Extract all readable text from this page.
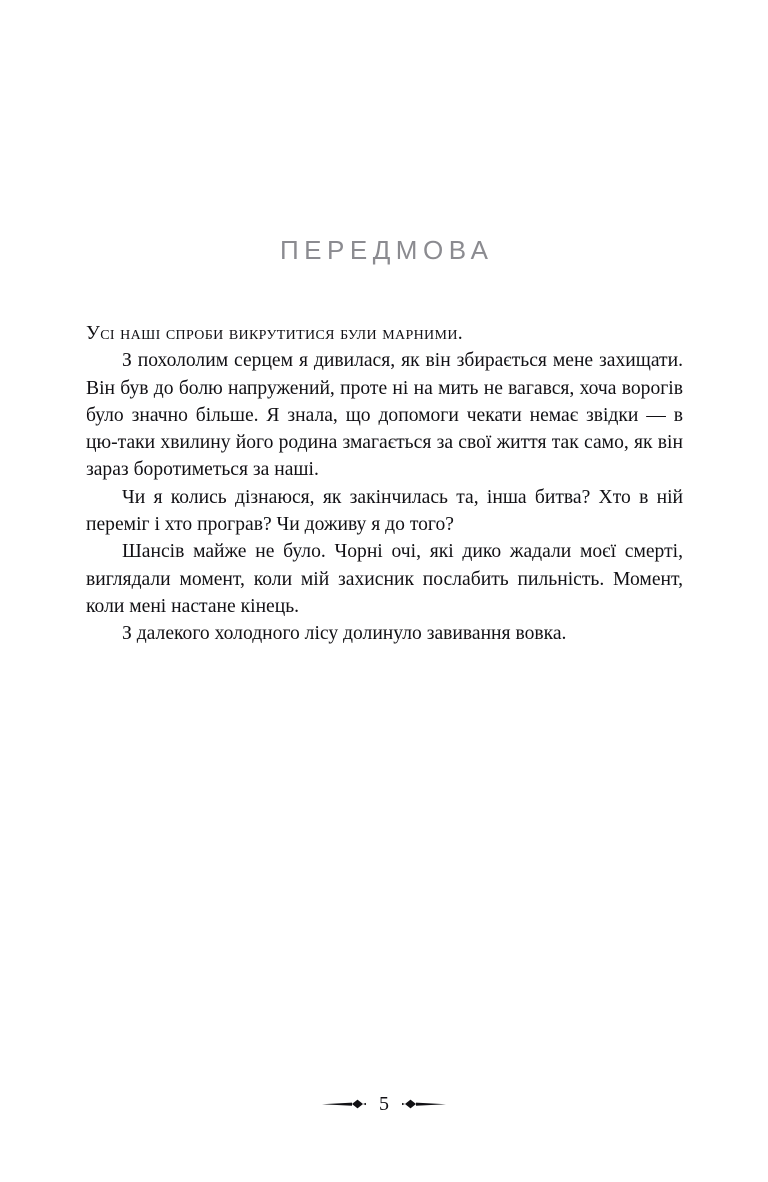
ПЕРЕДМОВА

Усі наші спроби викрутитися були марними.

З похололим серцем я дивилася, як він збирається мене захищати. Він був до болю напружений, проте ні на мить не вагався, хоча ворогів було значно більше. Я знала, що допомоги чекати немає звідки — в цю-таки хвилину його родина змагається за свої життя так само, як він зараз боротиметься за наші.

Чи я колись дізнаюся, як закінчилась та, інша битва? Хто в ній переміг і хто програв? Чи доживу я до того?

Шансів майже не було. Чорні очі, які дико жадали моєї смерті, виглядали момент, коли мій захисник послабить пильність. Момент, коли мені настане кінець.

З далекого холодного лісу долинуло завивання вовка.

5
